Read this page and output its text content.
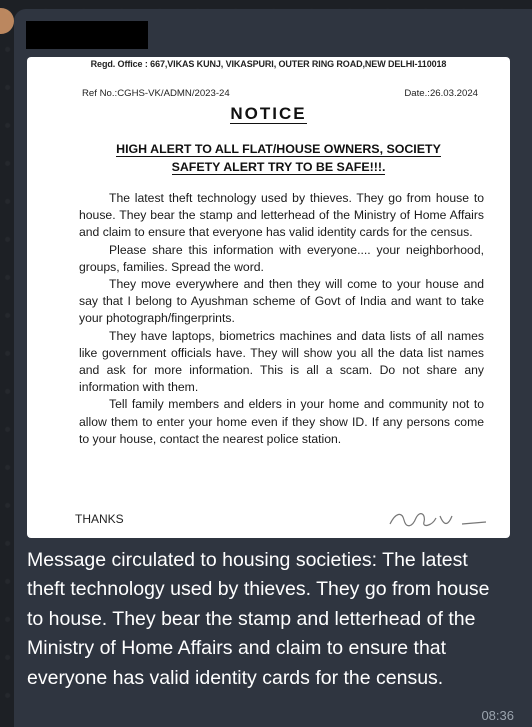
Regd. Office : 667,VIKAS KUNJ, VIKASPURI, OUTER RING ROAD,NEW DELHI-110018
Ref No.:CGHS-VK/ADMN/2023-24	Date.:26.03.2024
NOTICE
HIGH ALERT TO ALL FLAT/HOUSE OWNERS, SOCIETY
SAFETY ALERT TRY TO BE SAFE!!!.

The latest theft technology used by thieves. They go from house to house. They bear the stamp and letterhead of the Ministry of Home Affairs and claim to ensure that everyone has valid identity cards for the census.

Please share this information with everyone.... your neighborhood, groups, families. Spread the word.

They move everywhere and then they will come to your house and say that I belong to Ayushman scheme of Govt of India and want to take your photograph/fingerprints.

They have laptops, biometrics machines and data lists of all names like government officials have. They will show you all the data list names and ask for more information. This is all a scam. Do not share any information with them.

Tell family members and elders in your home and community not to allow them to enter your home even if they show ID. If any persons come to your house, contact the nearest police station.

THANKS
Message circulated to housing societies: The latest theft technology used by thieves. They go from house to house. They bear the stamp and letterhead of the Ministry of Home Affairs and claim to ensure that everyone has valid identity cards for the census.
08:36
